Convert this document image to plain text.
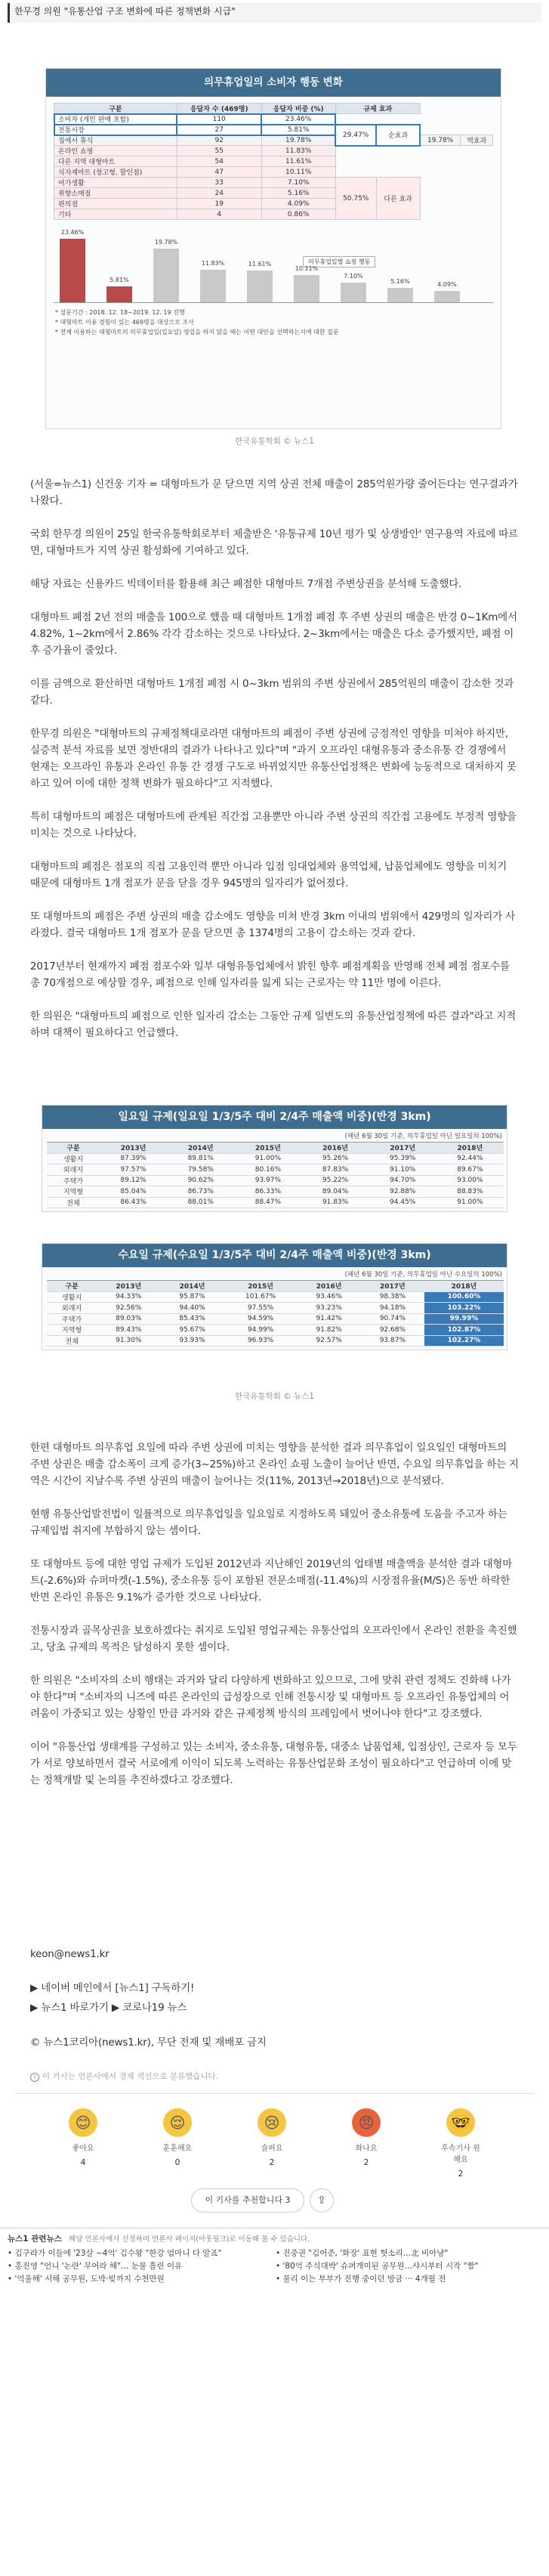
한무경 의원 "유통산업 구조 변화에 따른 정책변화 시급"
의무휴업일의 소비자 행동 변화
구분	응답자 수 (469명)	응답자 비중 (%)	규제 효과			
소비자 (개인 판매 포함)	110	23.46%				
전통시장	27	5.81%	29.47%	순효과		
집에서 휴식	92	19.78%			19.78%	역효과
온라인 쇼핑	55	11.83%				
다른 지역 대형마트	54	11.61%				
식자재마트 (창고형, 할인점)	47	10.11%				
여가생활	33	7.10%	50.75%	다른 효과		
취향소매점	24	5.16%				
편의점	19	4.09%				
기타	4	0.86%				
의무휴업일별 쇼핑 행동
23.46%
5.81%
19.78%
11.83%	11.61%
10.11%
7.10%
5.16%	4.09%
* 설문기간 : 2018. 12. 18~2019. 12. 19 진행
* 대형마트 이용 경험이 있는 469명을 대상으로 조사
* 전체 이용하는 대형마트의 의무휴업일(일요일) 영업을 하지 않을 때는 어떤 대안을 선택하는지에 대한 질문
한국유통학회 © 뉴스1

(서울=뉴스1) 신건웅 기자 = 대형마트가 문 닫으면 지역 상권 전체 매출이 285억원가량 줄어든다는 연구결과가 나왔다.

국회 한무경 의원이 25일 한국유통학회로부터 제출받은 '유통규제 10년 평가 및 상생방안' 연구용역 자료에 따르면, 대형마트가 지역 상권 활성화에 기여하고 있다.

해당 자료는 신용카드 빅데이터를 활용해 최근 폐점한 대형마트 7개점 주변상권을 분석해 도출했다.

대형마트 폐점 2년 전의 매출을 100으로 했을 때 대형마트 1개점 폐점 후 주변 상권의 매출은 반경 0~1Km에서 4.82%, 1~2km에서 2.86% 각각 감소하는 것으로 나타났다. 2~3km에서는 매출은 다소 증가했지만, 폐점 이후 증가율이 줄었다.

이를 금액으로 환산하면 대형마트 1개점 폐점 시 0~3km 범위의 주변 상권에서 285억원의 매출이 감소한 것과 같다.

한무경 의원은 "대형마트의 규제정책대로라면 대형마트의 폐점이 주변 상권에 긍정적인 영향을 미쳐야 하지만, 실증적 분석 자료를 보면 정반대의 결과가 나타나고 있다"며 "과거 오프라인 대형유통과 중소유통 간 경쟁에서 현재는 오프라인 유통과 온라인 유통 간 경쟁 구도로 바뀌었지만 유통산업정책은 변화에 능동적으로 대처하지 못하고 있어 이에 대한 정책 변화가 필요하다"고 지적했다.

특히 대형마트의 폐점은 대형마트에 관계된 직간접 고용뿐만 아니라 주변 상권의 직간접 고용에도 부정적 영향을 미치는 것으로 나타났다.

대형마트의 폐점은 점포의 직접 고용인력 뿐만 아니라 입점 임대업체와 용역업체, 납품업체에도 영향을 미치기 때문에 대형마트 1개 점포가 문을 닫을 경우 945명의 일자리가 없어졌다.

또 대형마트의 폐점은 주변 상권의 매출 감소에도 영향을 미쳐 반경 3km 이내의 범위에서 429명의 일자리가 사라졌다. 결국 대형마트 1개 점포가 문을 닫으면 총 1374명의 고용이 감소하는 것과 같다.

2017년부터 현재까지 폐점 점포수와 일부 대형유통업체에서 밝힌 향후 폐점계획을 반영해 전체 폐점 점포수를 총 70개점으로 예상할 경우, 폐점으로 인해 일자리를 잃게 되는 근로자는 약 11만 명에 이른다.

한 의원은 "대형마트의 폐점으로 인한 일자리 감소는 그동안 규제 일변도의 유통산업정책에 따른 결과"라고 지적하며 대책이 필요하다고 언급했다.

일요일 규제(일요일 1/3/5주 대비 2/4주 매출액 비중)(반경 3km)
(해년 6월 30일 기준, 의무휴업일 아닌 일요일의 100%)
구분	2013년	2014년	2015년	2016년	2017년	2018년
생활지	87.39%	89.81%	91.00%	95.26%	95.39%	92.44%
외래지	97.57%	79.58%	80.16%	87.83%	91.10%	89.67%
주택가	89.12%	90.62%	93.97%	95.22%	94.70%	93.00%
지역형	85.04%	86.73%	86.33%	89.04%	92.88%	88.83%
전체	86.43%	88.01%	88.47%	91.83%	94.45%	91.00%
수요일 규제(수요일 1/3/5주 대비 2/4주 매출액 비중)(반경 3km)
(해년 6월 30일 기준, 의무휴업일 아닌 수요일의 100%)
구분	2013년	2014년	2015년	2016년	2017년	2018년
생활지	94.33%	95.87%	101.67%	93.46%	98.38%	100.60%
외래지	92.56%	94.40%	97.55%	93.23%	94.18%	103.22%
주택가	89.03%	85.43%	94.59%	91.42%	90.74%	99.99%
지역형	89.43%	95.67%	94.99%	91.82%	92.68%	102.87%
전체	91.30%	93.93%	96.93%	92.57%	93.87%	102.27%
한국유통학회 © 뉴스1

한편 대형마트 의무휴업 요일에 따라 주변 상권에 미치는 영향을 분석한 결과 의무휴업이 일요일인 대형마트의 주변 상권은 매출 감소폭이 크게 증가(3~25%)하고 온라인 쇼핑 노출이 늘어난 반면, 수요일 의무휴업을 하는 지역은 시간이 지날수록 주변 상권의 매출이 늘어나는 것(11%, 2013년→2018년)으로 분석됐다.

현행 유통산업발전법이 일률적으로 의무휴업일을 일요일로 지정하도록 돼있어 중소유통에 도움을 주고자 하는 규제입법 취지에 부합하지 않는 셈이다.

또 대형마트 등에 대한 영업 규제가 도입된 2012년과 지난해인 2019년의 업태별 매출액을 분석한 결과 대형마트(-2.6%)와 슈퍼마켓(-1.5%), 중소유통 등이 포함된 전문소매점(-11.4%)의 시장점유율(M/S)은 동반 하락한 반면 온라인 유통은 9.1%가 증가한 것으로 나타났다.

전통시장과 골목상권을 보호하겠다는 취지로 도입된 영업규제는 유통산업의 오프라인에서 온라인 전환을 촉진했고, 당초 규제의 목적은 달성하지 못한 셈이다.

한 의원은 "소비자의 소비 행태는 과거와 달리 다양하게 변화하고 있으므로, 그에 맞춰 관련 정책도 진화해 나가야 한다"며 "소비자의 니즈에 따른 온라인의 급성장으로 인해 전통시장 및 대형마트 등 오프라인 유통업체의 어려움이 가중되고 있는 상황인 만큼 과거와 같은 규제정책 방식의 프레임에서 벗어나야 한다"고 강조했다.

이어 "유통산업 생태계를 구성하고 있는 소비자, 중소유통, 대형유통, 대중소 납품업체, 입점상인, 근로자 등 모두가 서로 양보하면서 결국 서로에게 이익이 되도록 노력하는 유통산업문화 조성이 필요하다"고 언급하며 이에 맞는 정책개발 및 논의를 추진하겠다고 강조했다.

keon@news1.kr
▶ 네이버 메인에서 [뉴스1] 구독하기!
▶ 뉴스1 바로가기 ▶ 코로나19 뉴스
© 뉴스1코리아(news1.kr), 무단 전재 및 재배포 금지
i 이 기사는 언론사에서 경제 섹션으로 분류했습니다.
😊
좋아요
4
😌
훈훈해요
0
😢
슬퍼요
2
😠
화나요
2
🤓
후속기사 원해요
2
이 기사를 추천합니다 3	⇪
뉴스1 관련뉴스 해당 언론사에서 선정하며 언론사 페이지(아웃링크)로 이동해 볼 수 있습니다.
• 김구라가 이들에 '23살 ~4억' 김수왕 "한강 엄마니 다 알죠"	• 진중권 "김어준, '화장' 표현 헛소리…北 비아냥"
• 홍진영 "언니 '논란' 무어라 해"… 눈물 흘린 이유	• '80억 주식대박' 슈퍼개미된 공무원…샤시부터 시작 "짬"
• '억울해' 서해 공무원, 도박·빚까지 수천만원	• 물리 이는 부부가 진행 중이던 방금 ··· 4개월 전
